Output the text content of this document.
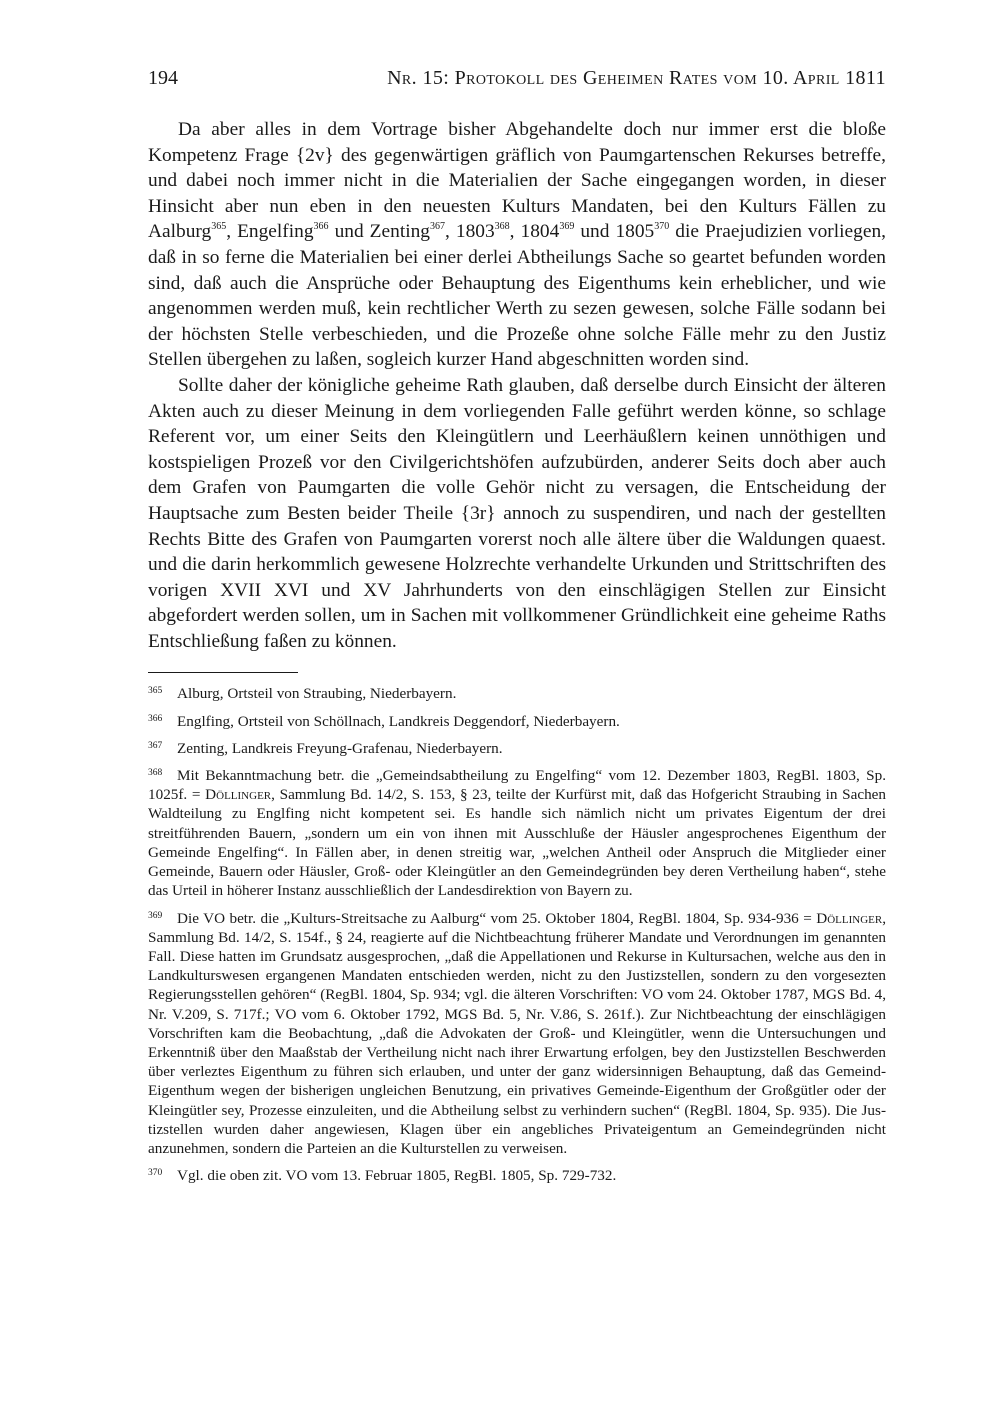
194	Nr. 15: Protokoll des Geheimen Rates vom 10. April 1811

Da aber alles in dem Vortrage bisher Abgehandelte doch nur immer erst die bloße Kompetenz Frage {2v} des gegenwärtigen gräflich von Paumgartenschen Rekurses betreffe, und dabei noch immer nicht in die Materialien der Sache eingegangen worden, in dieser Hinsicht aber nun eben in den neuesten Kulturs Mandaten, bei den Kulturs Fällen zu Aalburg$^{365}$, Engelfing$^{366}$ und Zenting$^{367}$, 1803$^{368}$, 1804$^{369}$ und 1805$^{370}$ die Praejudizien vorliegen, daß in so ferne die Materialien bei einer derlei Abtheilungs Sache so geartet befunden worden sind, daß auch die Ansprüche oder Behauptung des Eigenthums kein erheblicher, und wie angenommen werden muß, kein rechtlicher Werth zu sezen gewesen, solche Fälle sodann bei der höchsten Stelle verbeschieden, und die Prozeße ohne solche Fälle mehr zu den Justiz Stellen übergehen zu laßen, sogleich kurzer Hand abgeschnitten worden sind.

Sollte daher der königliche geheime Rath glauben, daß derselbe durch Einsicht der älteren Akten auch zu dieser Meinung in dem vorliegenden Falle geführt werden könne, so schlage Referent vor, um einer Seits den Kleingütlern und Leerhäußlern keinen unnöthigen und kostspieligen Prozeß vor den Civilgerichtshöfen aufzubürden, anderer Seits doch aber auch dem Grafen von Paumgarten die volle Gehör nicht zu versagen, die Entscheidung der Hauptsache zum Besten beider Theile {3r} annoch zu suspendiren, und nach der gestellten Rechts Bitte des Grafen von Paumgarten vorerst noch alle ältere über die Waldungen quaest. und die darin herkommlich gewesene Holzrechte verhandelte Urkunden und Strittschriften des vorigen XVII XVI und XV Jahrhunderts von den einschlägigen Stellen zur Einsicht abgefordert werden sollen, um in Sachen mit vollkommener Gründlichkeit eine geheime Raths Entschließung faßen zu können.

365 Alburg, Ortsteil von Straubing, Niederbayern.

366 Englfing, Ortsteil von Schöllnach, Landkreis Deggendorf, Niederbayern.

367 Zenting, Landkreis Freyung-Grafenau, Niederbayern.

368 Mit Bekanntmachung betr. die „Gemeindsabtheilung zu Engelfing“ vom 12. Dezember 1803, RegBl. 1803, Sp. 1025f. = Döllinger, Sammlung Bd. 14/2, S. 153, § 23, teilte der Kurfürst mit, daß das Hofgericht Straubing in Sachen Waldteilung zu Englfing nicht kompetent sei. Es handle sich nämlich nicht um privates Eigentum der drei streitführenden Bauern, „sondern um ein von ihnen mit Ausschluße der Häusler angesprochenes Eigenthum der Gemeinde Engelfing“. In Fällen aber, in denen streitig war, „welchen Antheil oder Anspruch die Mitglieder einer Gemeinde, Bauern oder Häusler, Groß- oder Kleingütler an den Gemeindegründen bey deren Vertheilung haben“, stehe das Urteil in höherer Instanz ausschließlich der Landesdirektion von Bayern zu.

369 Die VO betr. die „Kulturs-Streitsache zu Aalburg“ vom 25. Oktober 1804, RegBl. 1804, Sp. 934-936 = Döllinger, Sammlung Bd. 14/2, S. 154f., § 24, reagierte auf die Nichtbeachtung früherer Mandate und Verordnungen im genannten Fall. Diese hatten im Grundsatz ausgesprochen, „daß die Appellationen und Rekurse in Kultursachen, welche aus den in Landkulturswesen ergangenen Mandaten entschieden werden, nicht zu den Justizstellen, sondern zu den vorgesezten Regierungsstellen gehören“ (RegBl. 1804, Sp. 934; vgl. die älteren Vorschriften: VO vom 24. Oktober 1787, MGS Bd. 4, Nr. V.209, S. 717f.; VO vom 6. Oktober 1792, MGS Bd. 5, Nr. V.86, S. 261f.). Zur Nichtbeachtung der einschlägigen Vorschriften kam die Beobachtung, „daß die Advokaten der Groß- und Kleingütler, wenn die Untersuchungen und Erkenntniß über den Maaßstab der Vertheilung nicht nach ihrer Erwartung erfolgen, bey den Justizstellen Beschwerden über verleztes Eigenthum zu führen sich erlauben, und unter der ganz widersinnigen Behauptung, daß das Gemeind-Eigenthum wegen der bisherigen ungleichen Benutzung, ein privatives Gemeinde-Eigenthum der Großgütler oder der Kleingütler sey, Prozesse einzuleiten, und die Abtheilung selbst zu verhindern suchen“ (RegBl. 1804, Sp. 935). Die Justizstellen wurden daher angewiesen, Klagen über ein angebliches Privateigentum an Gemeindegründen nicht anzunehmen, sondern die Parteien an die Kulturstellen zu verweisen.

370 Vgl. die oben zit. VO vom 13. Februar 1805, RegBl. 1805, Sp. 729-732.
